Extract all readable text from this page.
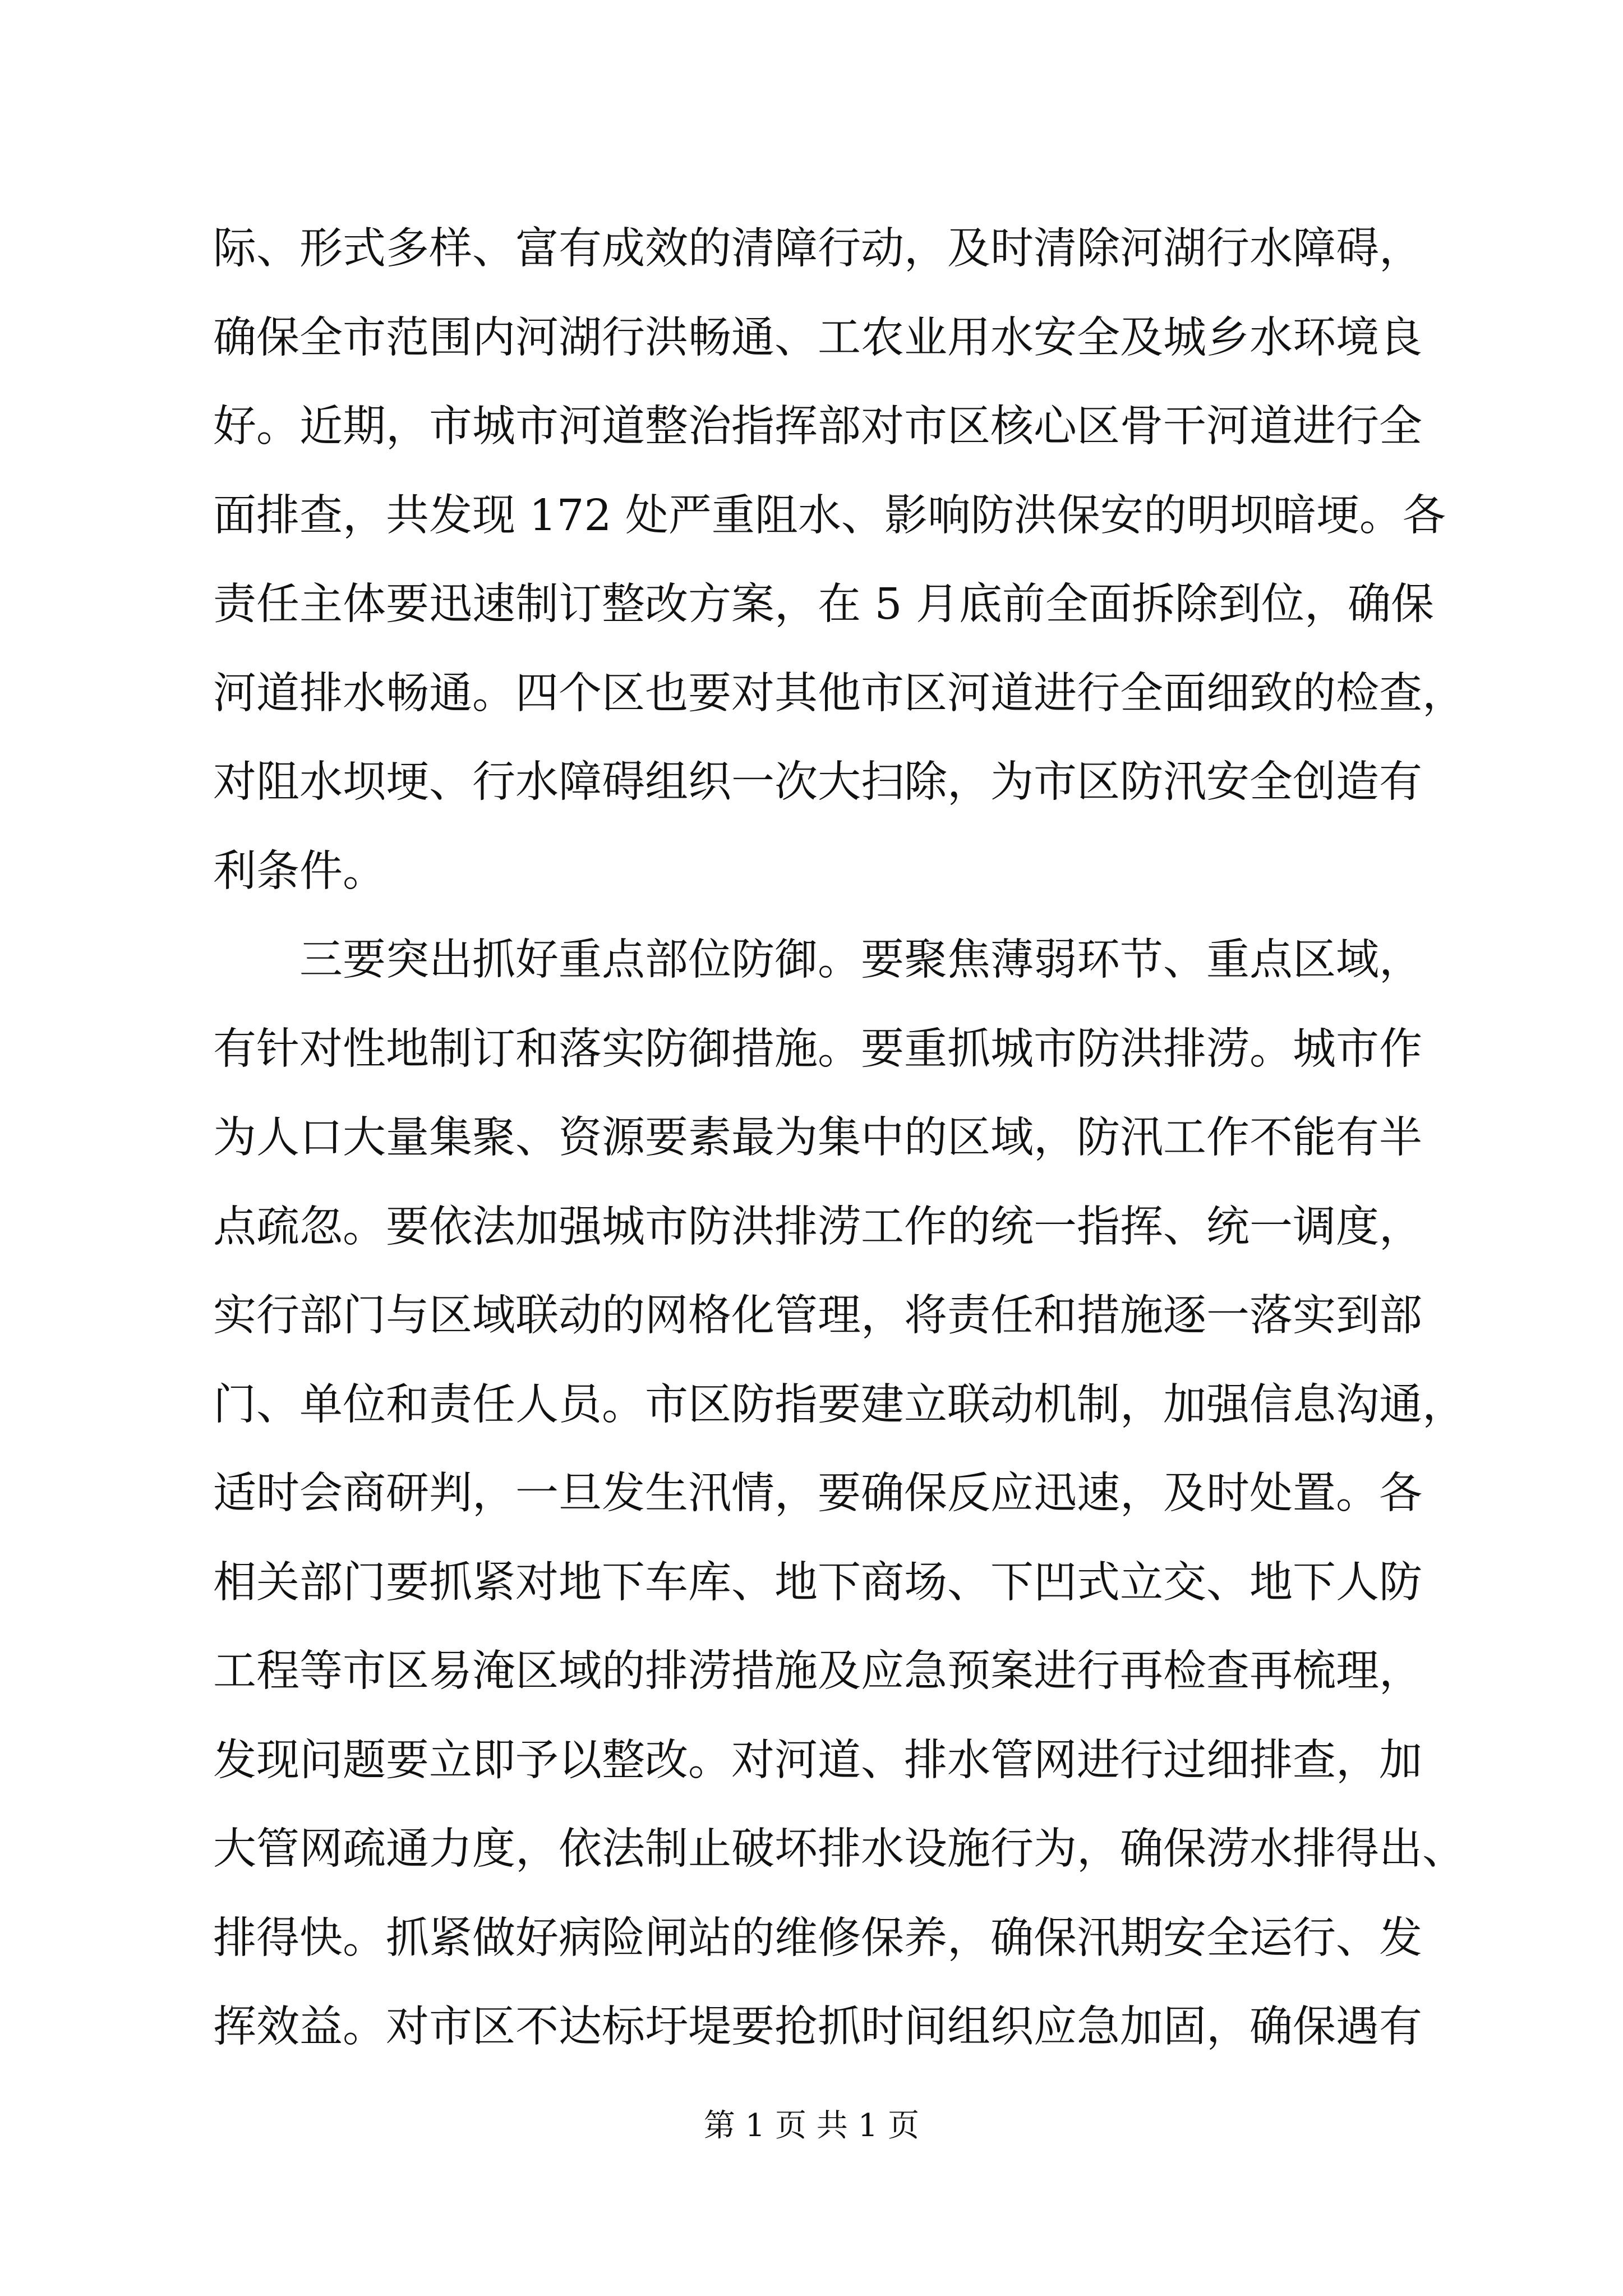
际、形式多样、富有成效的清障行动，及时清除河湖行水障碍，
确保全市范围内河湖行洪畅通、工农业用水安全及城乡水环境良
好。近期，市城市河道整治指挥部对市区核心区骨干河道进行全
面排查，共发现 172 处严重阻水、影响防洪保安的明坝暗埂。各
责任主体要迅速制订整改方案，在 5 月底前全面拆除到位，确保
河道排水畅通。四个区也要对其他市区河道进行全面细致的检查，
对阻水坝埂、行水障碍组织一次大扫除，为市区防汛安全创造有
利条件。
　　三要突出抓好重点部位防御。要聚焦薄弱环节、重点区域，
有针对性地制订和落实防御措施。要重抓城市防洪排涝。城市作
为人口大量集聚、资源要素最为集中的区域，防汛工作不能有半
点疏忽。要依法加强城市防洪排涝工作的统一指挥、统一调度，
实行部门与区域联动的网格化管理，将责任和措施逐一落实到部
门、单位和责任人员。市区防指要建立联动机制，加强信息沟通，
适时会商研判，一旦发生汛情，要确保反应迅速，及时处置。各
相关部门要抓紧对地下车库、地下商场、下凹式立交、地下人防
工程等市区易淹区域的排涝措施及应急预案进行再检查再梳理，
发现问题要立即予以整改。对河道、排水管网进行过细排查，加
大管网疏通力度，依法制止破坏排水设施行为，确保涝水排得出、
排得快。抓紧做好病险闸站的维修保养，确保汛期安全运行、发
挥效益。对市区不达标圩堤要抢抓时间组织应急加固，确保遇有
第 1 页 共 1 页
